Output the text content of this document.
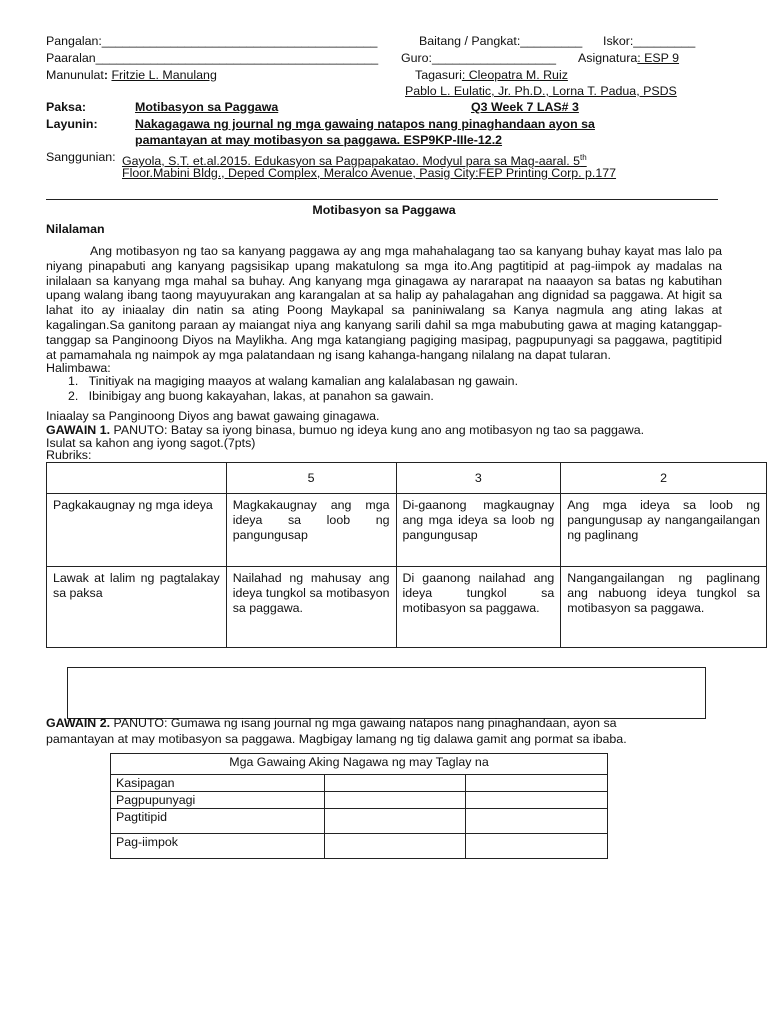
Pangalan:________________________________________	Baitang / Pangkat:_________ Iskor:_________
Paaralan_________________________________________ Guro:__________________ Asignatura: ESP 9
Manunulat: Fritzie L. Manulang	Tagasuri: Cleopatra M. Ruiz
Pablo L. Eulatic, Jr. Ph.D., Lorna T. Padua, PSDS
Paksa:	Motibasyon sa Paggawa	Q3 Week 7 LAS# 3
Layunin:	Nakagagawa ng journal ng mga gawaing natapos nang pinaghandaan ayon sa
pamantayan at may motibasyon sa paggawa. ESP9KP-IIIe-12.2
Sanggunian: Gayola, S.T. et.al.2015. Edukasyon sa Pagpapakatao. Modyul para sa Mag-aaral. 5th
Floor.Mabini Bldg., Deped Complex, Meralco Avenue, Pasig City:FEP Printing Corp. p.177
Motibasyon sa Paggawa
Nilalaman

Ang motibasyon ng tao sa kanyang paggawa ay ang mga mahahalagang tao sa kanyang buhay kayat mas lalo pa niyang pinapabuti ang kanyang pagsisikap upang makatulong sa mga ito.Ang pagtitipid at pag-iimpok ay madalas na inilalaan sa kanyang mga mahal sa buhay. Ang kanyang mga ginagawa ay nararapat na naaayon sa batas ng kabutihan upang walang ibang taong mayuyurakan ang karangalan at sa halip ay pahalagahan ang dignidad sa paggawa. At higit sa lahat ito ay iniaalay din natin sa ating Poong Maykapal sa paniniwalang sa Kanya nagmula ang ating lakas at kagalingan.Sa ganitong paraan ay maiangat niya ang kanyang sarili dahil sa mga mabubuting gawa at maging katanggap-tanggap sa Panginoong Diyos na Maylikha. Ang mga katangiang pagiging masipag, pagpupunyagi sa paggawa, pagtitipid at pamamahala ng naimpok ay mga palatandaan ng isang kahanga-hangang nilalang na dapat tularan.

Halimbawa:
1.   Tinitiyak na magiging maayos at walang kamalian ang kalalabasan ng gawain.
2.   Ibinibigay ang buong kakayahan, lakas, at panahon sa gawain.
Iniaalay sa Panginoong Diyos ang bawat gawaing ginagawa.
GAWAIN 1. PANUTO: Batay sa iyong binasa, bumuo ng ideya kung ano ang motibasyon ng tao sa paggawa.
Isulat sa kahon ang iyong sagot.(7pts)
Rubriks:
	5	3	2
Pagkakaugnay ng mga ideya	Magkakaugnay ang mga ideya sa loob ng pangungusap	Di-gaanong magkaugnay ang mga ideya sa loob ng pangungusap	Ang mga ideya sa loob ng pangungusap ay nangangailangan ng paglinang
Lawak at lalim ng pagtalakay sa paksa	Nailahad ng mahusay ang ideya tungkol sa motibasyon sa paggawa.	Di gaanong nailahad ang ideya tungkol sa motibasyon sa paggawa.	Nangangailangan ng paglinang ang nabuong ideya tungkol sa motibasyon sa paggawa.
GAWAIN 2. PANUTO: Gumawa ng isang journal ng mga gawaing natapos nang pinaghandaan, ayon sa
pamantayan at may motibasyon sa paggawa. Magbigay lamang ng tig dalawa gamit ang pormat sa ibaba.
Mga Gawaing Aking Nagawa ng may Taglay na		
Kasipagan		
Pagpupunyagi		
Pagtitipid		
Pag-iimpok		
